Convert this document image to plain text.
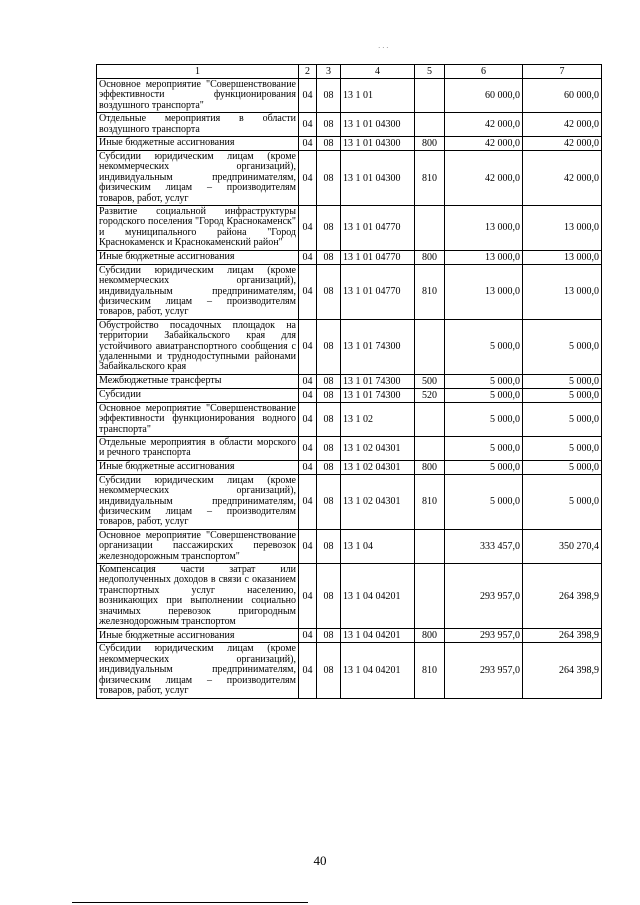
· · ·
1	2	3	4	5	6	7
Основное мероприятие "Совершенствование эффективности функционирования воздушного транспорта"	04	08	13 1 01		60 000,0	60 000,0
Отдельные мероприятия в области воздушного транспорта	04	08	13 1 01 04300		42 000,0	42 000,0
Иные бюджетные ассигнования	04	08	13 1 01 04300	800	42 000,0	42 000,0
Субсидии юридическим лицам (кроме некоммерческих организаций), индивидуальным предпринимателям, физическим лицам – производителям товаров, работ, услуг	04	08	13 1 01 04300	810	42 000,0	42 000,0
Развитие социальной инфраструктуры городского поселения "Город Краснокаменск" и муниципального района "Город Краснокаменск и Краснокаменский район"	04	08	13 1 01 04770		13 000,0	13 000,0
Иные бюджетные ассигнования	04	08	13 1 01 04770	800	13 000,0	13 000,0
Субсидии юридическим лицам (кроме некоммерческих организаций), индивидуальным предпринимателям, физическим лицам – производителям товаров, работ, услуг	04	08	13 1 01 04770	810	13 000,0	13 000,0
Обустройство посадочных площадок на территории Забайкальского края для устойчивого авиатранспортного сообщения с удаленными и труднодоступными районами Забайкальского края	04	08	13 1 01 74300		5 000,0	5 000,0
Межбюджетные трансферты	04	08	13 1 01 74300	500	5 000,0	5 000,0
Субсидии	04	08	13 1 01 74300	520	5 000,0	5 000,0
Основное мероприятие "Совершенствование эффективности функционирования водного транспорта"	04	08	13 1 02		5 000,0	5 000,0
Отдельные мероприятия в области морского и речного транспорта	04	08	13 1 02 04301		5 000,0	5 000,0
Иные бюджетные ассигнования	04	08	13 1 02 04301	800	5 000,0	5 000,0
Субсидии юридическим лицам (кроме некоммерческих организаций), индивидуальным предпринимателям, физическим лицам – производителям товаров, работ, услуг	04	08	13 1 02 04301	810	5 000,0	5 000,0
Основное мероприятие "Совершенствование организации пассажирских перевозок железнодорожным транспортом"	04	08	13 1 04		333 457,0	350 270,4
Компенсация части затрат или недополученных доходов в связи с оказанием транспортных услуг населению, возникающих при выполнении социально значимых перевозок пригородным железнодорожным транспортом	04	08	13 1 04 04201		293 957,0	264 398,9
Иные бюджетные ассигнования	04	08	13 1 04 04201	800	293 957,0	264 398,9
Субсидии юридическим лицам (кроме некоммерческих организаций), индивидуальным предпринимателям, физическим лицам – производителям товаров, работ, услуг	04	08	13 1 04 04201	810	293 957,0	264 398,9
40
